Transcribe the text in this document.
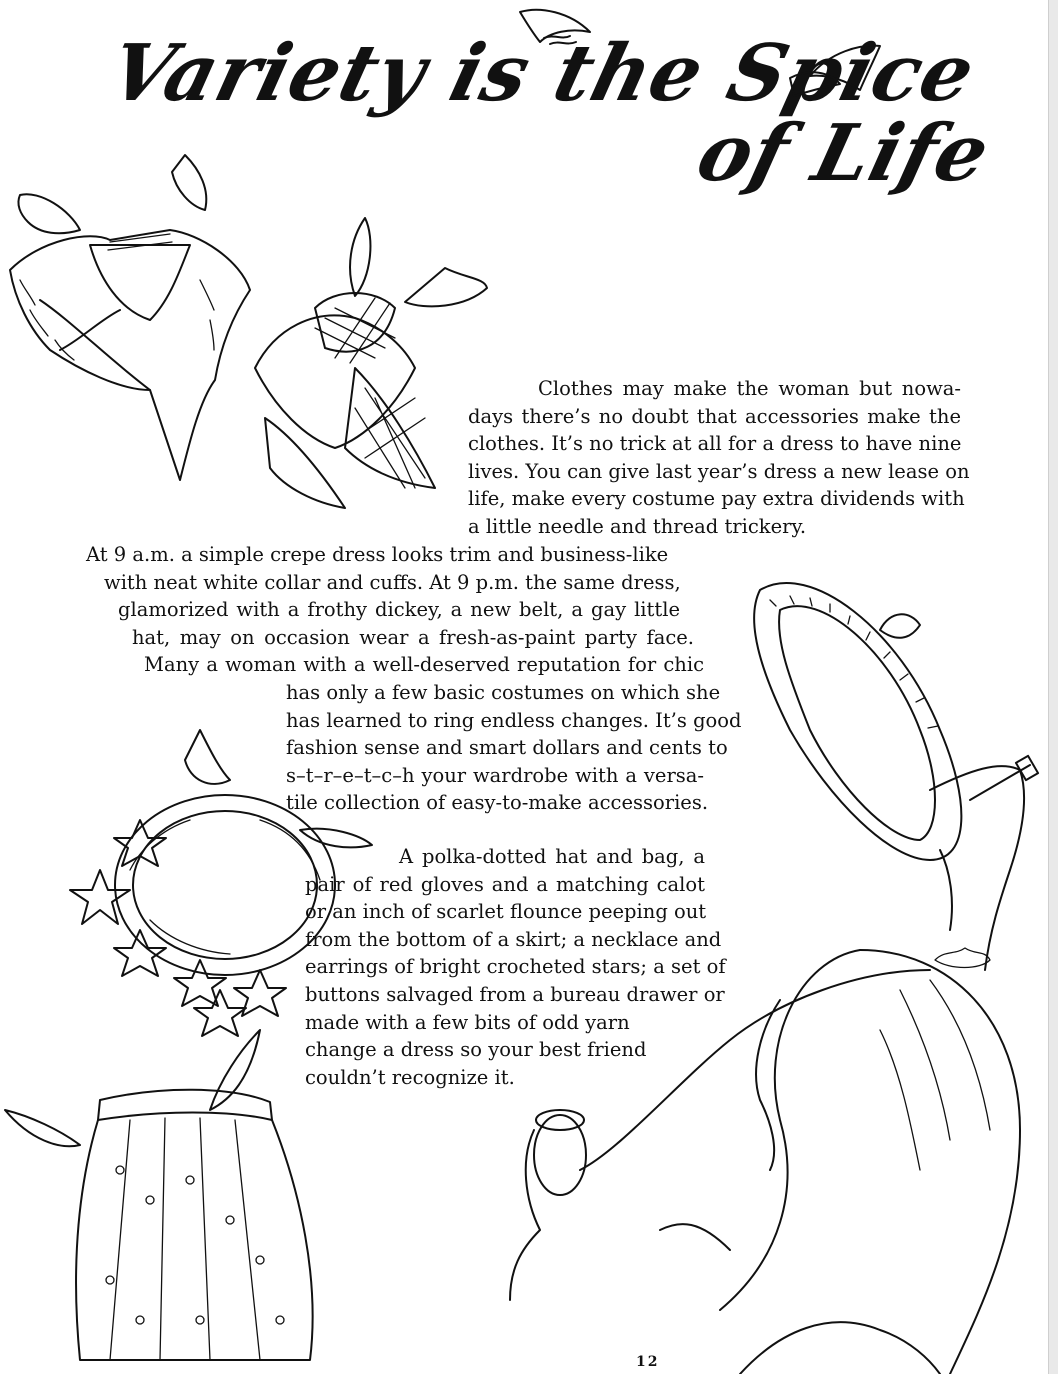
Variety is the Spice
of Life
Clothes may make the woman but nowa-
days there’s no doubt that accessories make the
clothes. It’s no trick at all for a dress to have nine
lives. You can give last year’s dress a new lease on
life, make every costume pay extra dividends with
a little needle and thread trickery.
At 9 a.m. a simple crepe dress looks trim and business-like
with neat white collar and cuffs. At 9 p.m. the same dress,
glamorized with a frothy dickey, a new belt, a gay little
hat, may on occasion wear a fresh-as-paint party face.
Many a woman with a well-deserved reputation for chic
has only a few basic costumes on which she
has learned to ring endless changes. It’s good
fashion sense and smart dollars and cents to
s–t–r–e–t–c–h your wardrobe with a versa-
tile collection of easy-to-make accessories.
A polka-dotted hat and bag, a
pair of red gloves and a matching calot
or an inch of scarlet flounce peeping out
from the bottom of a skirt; a necklace and
earrings of bright crocheted stars; a set of
buttons salvaged from a bureau drawer or
made with a few bits of odd yarn
change a dress so your best friend
couldn’t recognize it.
12
